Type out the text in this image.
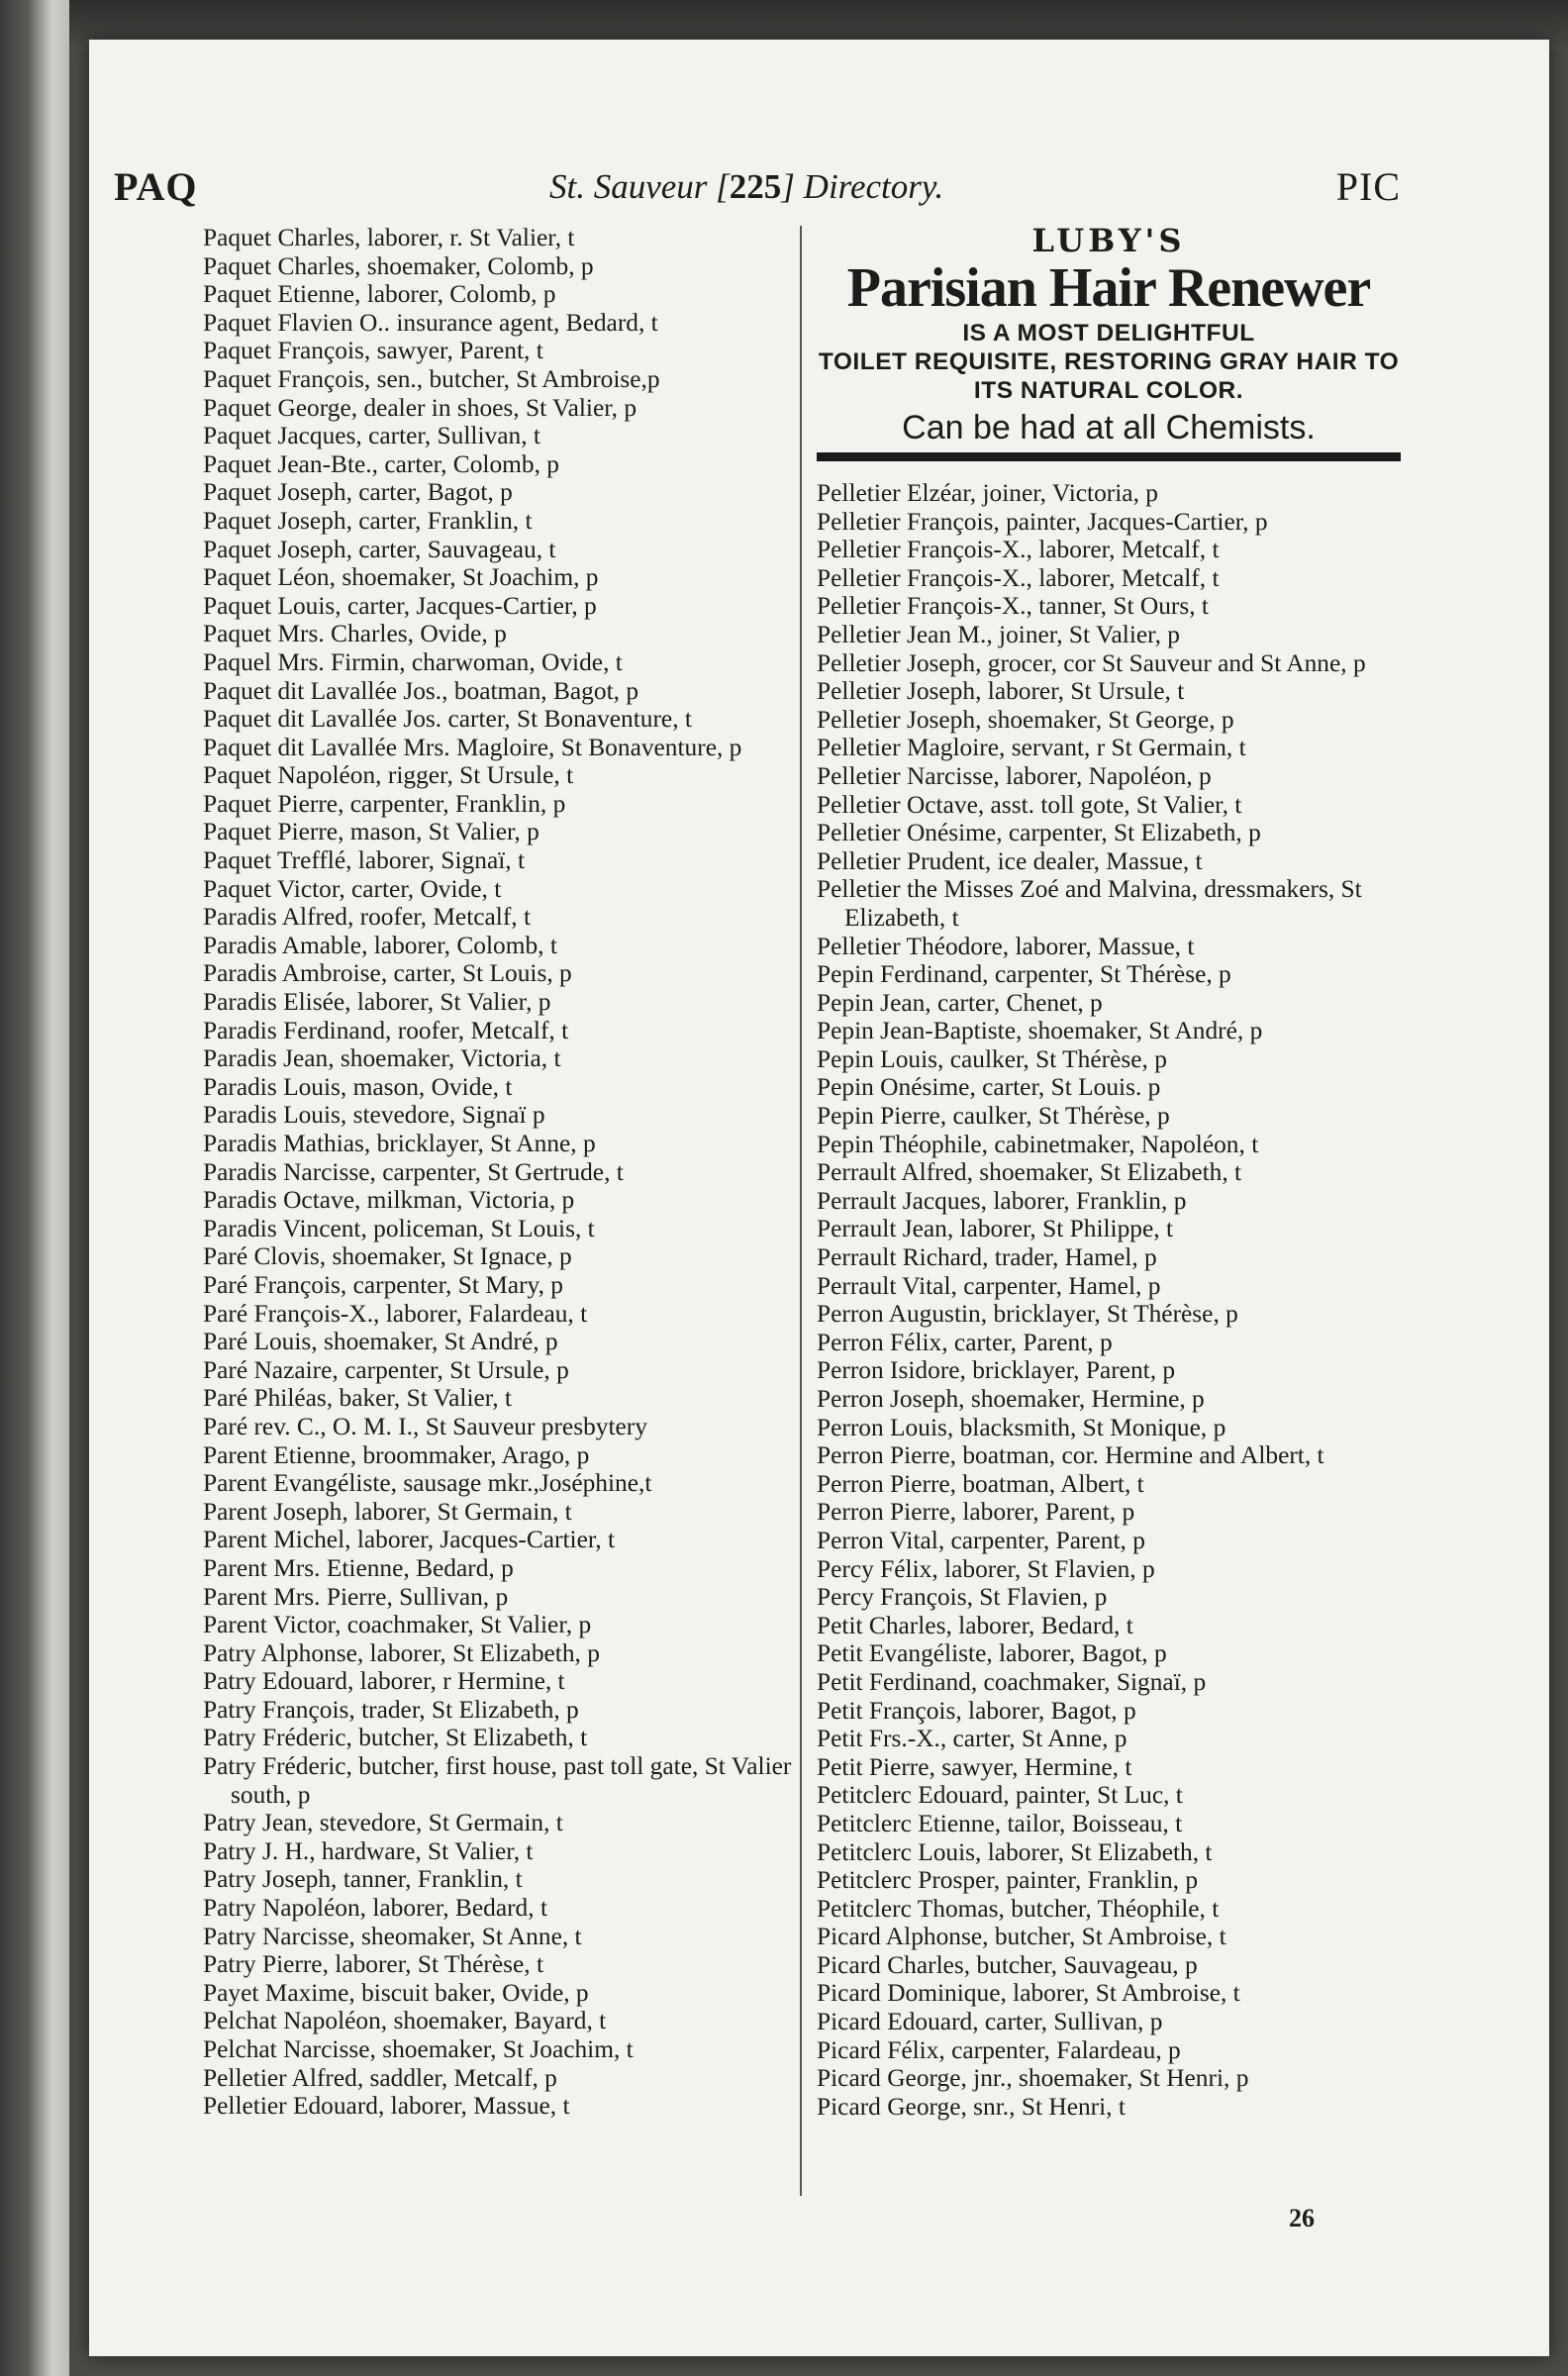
PAQ	St. Sauveur [225] Directory.	PIC

Paquet Charles, laborer, r. St Valier, t

Paquet Charles, shoemaker, Colomb, p

Paquet Etienne, laborer, Colomb, p

Paquet Flavien O.. insurance agent, Bedard, t

Paquet François, sawyer, Parent, t

Paquet François, sen., butcher, St Ambroise,p

Paquet George, dealer in shoes, St Valier, p

Paquet Jacques, carter, Sullivan, t

Paquet Jean-Bte., carter, Colomb, p

Paquet Joseph, carter, Bagot, p

Paquet Joseph, carter, Franklin, t

Paquet Joseph, carter, Sauvageau, t

Paquet Léon, shoemaker, St Joachim, p

Paquet Louis, carter, Jacques-Cartier, p

Paquet Mrs. Charles, Ovide, p

Paquel Mrs. Firmin, charwoman, Ovide, t

Paquet dit Lavallée Jos., boatman, Bagot, p

Paquet dit Lavallée Jos. carter, St Bonaventure, t

Paquet dit Lavallée Mrs. Magloire, St Bonaventure, p

Paquet Napoléon, rigger, St Ursule, t

Paquet Pierre, carpenter, Franklin, p

Paquet Pierre, mason, St Valier, p

Paquet Trefflé, laborer, Signaï, t

Paquet Victor, carter, Ovide, t

Paradis Alfred, roofer, Metcalf, t

Paradis Amable, laborer, Colomb, t

Paradis Ambroise, carter, St Louis, p

Paradis Elisée, laborer, St Valier, p

Paradis Ferdinand, roofer, Metcalf, t

Paradis Jean, shoemaker, Victoria, t

Paradis Louis, mason, Ovide, t

Paradis Louis, stevedore, Signaï p

Paradis Mathias, bricklayer, St Anne, p

Paradis Narcisse, carpenter, St Gertrude, t

Paradis Octave, milkman, Victoria, p

Paradis Vincent, policeman, St Louis, t

Paré Clovis, shoemaker, St Ignace, p

Paré François, carpenter, St Mary, p

Paré François-X., laborer, Falardeau, t

Paré Louis, shoemaker, St André, p

Paré Nazaire, carpenter, St Ursule, p

Paré Philéas, baker, St Valier, t

Paré rev. C., O. M. I., St Sauveur presbytery

Parent Etienne, broommaker, Arago, p

Parent Evangéliste, sausage mkr.,Joséphine,t

Parent Joseph, laborer, St Germain, t

Parent Michel, laborer, Jacques-Cartier, t

Parent Mrs. Etienne, Bedard, p

Parent Mrs. Pierre, Sullivan, p

Parent Victor, coachmaker, St Valier, p

Patry Alphonse, laborer, St Elizabeth, p

Patry Edouard, laborer, r Hermine, t

Patry François, trader, St Elizabeth, p

Patry Fréderic, butcher, St Elizabeth, t

Patry Fréderic, butcher, first house, past toll gate, St Valier south, p

Patry Jean, stevedore, St Germain, t

Patry J. H., hardware, St Valier, t

Patry Joseph, tanner, Franklin, t

Patry Napoléon, laborer, Bedard, t

Patry Narcisse, sheomaker, St Anne, t

Patry Pierre, laborer, St Thérèse, t

Payet Maxime, biscuit baker, Ovide, p

Pelchat Napoléon, shoemaker, Bayard, t

Pelchat Narcisse, shoemaker, St Joachim, t

Pelletier Alfred, saddler, Metcalf, p

Pelletier Edouard, laborer, Massue, t

LUBY'S
Parisian Hair Renewer
IS A MOST DELIGHTFUL
TOILET REQUISITE, RESTORING GRAY HAIR TO
ITS NATURAL COLOR.
Can be had at all Chemists.

Pelletier Elzéar, joiner, Victoria, p

Pelletier François, painter, Jacques-Cartier, p

Pelletier François-X., laborer, Metcalf, t

Pelletier François-X., laborer, Metcalf, t

Pelletier François-X., tanner, St Ours, t

Pelletier Jean M., joiner, St Valier, p

Pelletier Joseph, grocer, cor St Sauveur and St Anne, p

Pelletier Joseph, laborer, St Ursule, t

Pelletier Joseph, shoemaker, St George, p

Pelletier Magloire, servant, r St Germain, t

Pelletier Narcisse, laborer, Napoléon, p

Pelletier Octave, asst. toll gote, St Valier, t

Pelletier Onésime, carpenter, St Elizabeth, p

Pelletier Prudent, ice dealer, Massue, t

Pelletier the Misses Zoé and Malvina, dressmakers, St Elizabeth, t

Pelletier Théodore, laborer, Massue, t

Pepin Ferdinand, carpenter, St Thérèse, p

Pepin Jean, carter, Chenet, p

Pepin Jean-Baptiste, shoemaker, St André, p

Pepin Louis, caulker, St Thérèse, p

Pepin Onésime, carter, St Louis. p

Pepin Pierre, caulker, St Thérèse, p

Pepin Théophile, cabinetmaker, Napoléon, t

Perrault Alfred, shoemaker, St Elizabeth, t

Perrault Jacques, laborer, Franklin, p

Perrault Jean, laborer, St Philippe, t

Perrault Richard, trader, Hamel, p

Perrault Vital, carpenter, Hamel, p

Perron Augustin, bricklayer, St Thérèse, p

Perron Félix, carter, Parent, p

Perron Isidore, bricklayer, Parent, p

Perron Joseph, shoemaker, Hermine, p

Perron Louis, blacksmith, St Monique, p

Perron Pierre, boatman, cor. Hermine and Albert, t

Perron Pierre, boatman, Albert, t

Perron Pierre, laborer, Parent, p

Perron Vital, carpenter, Parent, p

Percy Félix, laborer, St Flavien, p

Percy François, St Flavien, p

Petit Charles, laborer, Bedard, t

Petit Evangéliste, laborer, Bagot, p

Petit Ferdinand, coachmaker, Signaï, p

Petit François, laborer, Bagot, p

Petit Frs.-X., carter, St Anne, p

Petit Pierre, sawyer, Hermine, t

Petitclerc Edouard, painter, St Luc, t

Petitclerc Etienne, tailor, Boisseau, t

Petitclerc Louis, laborer, St Elizabeth, t

Petitclerc Prosper, painter, Franklin, p

Petitclerc Thomas, butcher, Théophile, t

Picard Alphonse, butcher, St Ambroise, t

Picard Charles, butcher, Sauvageau, p

Picard Dominique, laborer, St Ambroise, t

Picard Edouard, carter, Sullivan, p

Picard Félix, carpenter, Falardeau, p

Picard George, jnr., shoemaker, St Henri, p

Picard George, snr., St Henri, t

26
